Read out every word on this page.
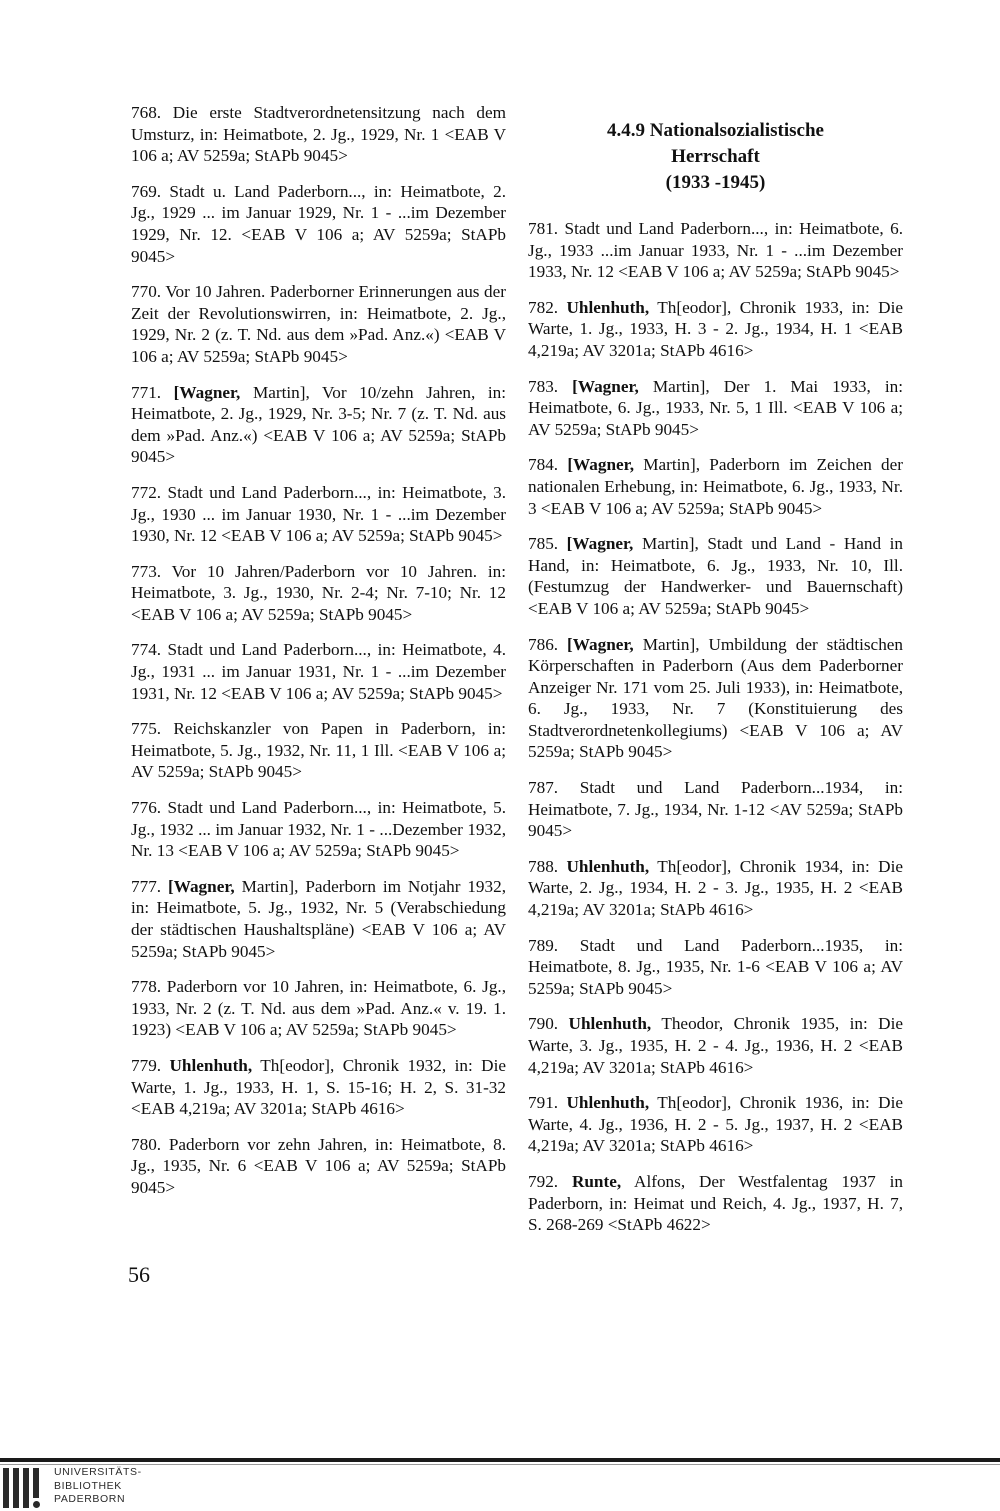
768. Die erste Stadtverordnetensitzung nach dem Umsturz, in: Heimatbote, 2. Jg., 1929, Nr. 1 <EAB V 106 a; AV 5259a; StAPb 9045>
769. Stadt u. Land Paderborn..., in: Heimatbote, 2. Jg., 1929 ... im Januar 1929, Nr. 1 - ...im Dezember 1929, Nr. 12. <EAB V 106 a; AV 5259a; StAPb 9045>
770. Vor 10 Jahren. Paderborner Erinnerungen aus der Zeit der Revolutionswirren, in: Heimatbote, 2. Jg., 1929, Nr. 2 (z. T. Nd. aus dem »Pad. Anz.«) <EAB V 106 a; AV 5259a; StAPb 9045>
771. [Wagner, Martin], Vor 10/zehn Jahren, in: Heimatbote, 2. Jg., 1929, Nr. 3-5; Nr. 7 (z. T. Nd. aus dem »Pad. Anz.«) <EAB V 106 a; AV 5259a; StAPb 9045>
772. Stadt und Land Paderborn..., in: Heimatbote, 3. Jg., 1930 ... im Januar 1930, Nr. 1 - ...im Dezember 1930, Nr. 12 <EAB V 106 a; AV 5259a; StAPb 9045>
773. Vor 10 Jahren/Paderborn vor 10 Jahren. in: Heimatbote, 3. Jg., 1930, Nr. 2-4; Nr. 7-10; Nr. 12 <EAB V 106 a; AV 5259a; StAPb 9045>
774. Stadt und Land Paderborn..., in: Heimatbote, 4. Jg., 1931 ... im Januar 1931, Nr. 1 - ...im Dezember 1931, Nr. 12 <EAB V 106 a; AV 5259a; StAPb 9045>
775. Reichskanzler von Papen in Paderborn, in: Heimatbote, 5. Jg., 1932, Nr. 11, 1 Ill. <EAB V 106 a; AV 5259a; StAPb 9045>
776. Stadt und Land Paderborn..., in: Heimatbote, 5. Jg., 1932 ... im Januar 1932, Nr. 1 - ...Dezember 1932, Nr. 13 <EAB V 106 a; AV 5259a; StAPb 9045>
777. [Wagner, Martin], Paderborn im Notjahr 1932, in: Heimatbote, 5. Jg., 1932, Nr. 5 (Verabschiedung der städtischen Haushaltspläne) <EAB V 106 a; AV 5259a; StAPb 9045>
778. Paderborn vor 10 Jahren, in: Heimatbote, 6. Jg., 1933, Nr. 2 (z. T. Nd. aus dem »Pad. Anz.« v. 19. 1. 1923) <EAB V 106 a; AV 5259a; StAPb 9045>
779. Uhlenhuth, Th[eodor], Chronik 1932, in: Die Warte, 1. Jg., 1933, H. 1, S. 15-16; H. 2, S. 31-32 <EAB 4,219a; AV 3201a; StAPb 4616>
780. Paderborn vor zehn Jahren, in: Heimatbote, 8. Jg., 1935, Nr. 6 <EAB V 106 a; AV 5259a; StAPb 9045>
4.4.9 Nationalsozialistische
Herrschaft
(1933 -1945)
781. Stadt und Land Paderborn..., in: Heimatbote, 6. Jg., 1933 ...im Januar 1933, Nr. 1 - ...im Dezember 1933, Nr. 12 <EAB V 106 a; AV 5259a; StAPb 9045>
782. Uhlenhuth, Th[eodor], Chronik 1933, in: Die Warte, 1. Jg., 1933, H. 3 - 2. Jg., 1934, H. 1 <EAB 4,219a; AV 3201a; StAPb 4616>
783. [Wagner, Martin], Der 1. Mai 1933, in: Heimatbote, 6. Jg., 1933, Nr. 5, 1 Ill. <EAB V 106 a; AV 5259a; StAPb 9045>
784. [Wagner, Martin], Paderborn im Zeichen der nationalen Erhebung, in: Heimatbote, 6. Jg., 1933, Nr. 3 <EAB V 106 a; AV 5259a; StAPb 9045>
785. [Wagner, Martin], Stadt und Land - Hand in Hand, in: Heimatbote, 6. Jg., 1933, Nr. 10, Ill. (Festumzug der Handwerker- und Bauernschaft) <EAB V 106 a; AV 5259a; StAPb 9045>
786. [Wagner, Martin], Umbildung der städtischen Körperschaften in Paderborn (Aus dem Paderborner Anzeiger Nr. 171 vom 25. Juli 1933), in: Heimatbote, 6. Jg., 1933, Nr. 7 (Konstituierung des Stadtverordnetenkollegiums) <EAB V 106 a; AV 5259a; StAPb 9045>
787. Stadt und Land Paderborn...1934, in: Heimatbote, 7. Jg., 1934, Nr. 1-12 <AV 5259a; StAPb 9045>
788. Uhlenhuth, Th[eodor], Chronik 1934, in: Die Warte, 2. Jg., 1934, H. 2 - 3. Jg., 1935, H. 2 <EAB 4,219a; AV 3201a; StAPb 4616>
789. Stadt und Land Paderborn...1935, in: Heimatbote, 8. Jg., 1935, Nr. 1-6 <EAB V 106 a; AV 5259a; StAPb 9045>
790. Uhlenhuth, Theodor, Chronik 1935, in: Die Warte, 3. Jg., 1935, H. 2 - 4. Jg., 1936, H. 2 <EAB 4,219a; AV 3201a; StAPb 4616>
791. Uhlenhuth, Th[eodor], Chronik 1936, in: Die Warte, 4. Jg., 1936, H. 2 - 5. Jg., 1937, H. 2 <EAB 4,219a; AV 3201a; StAPb 4616>
792. Runte, Alfons, Der Westfalentag 1937 in Paderborn, in: Heimat und Reich, 4. Jg., 1937, H. 7, S. 268-269 <StAPb 4622>
56
UNIVERSITÄTS-
BIBLIOTHEK
PADERBORN
